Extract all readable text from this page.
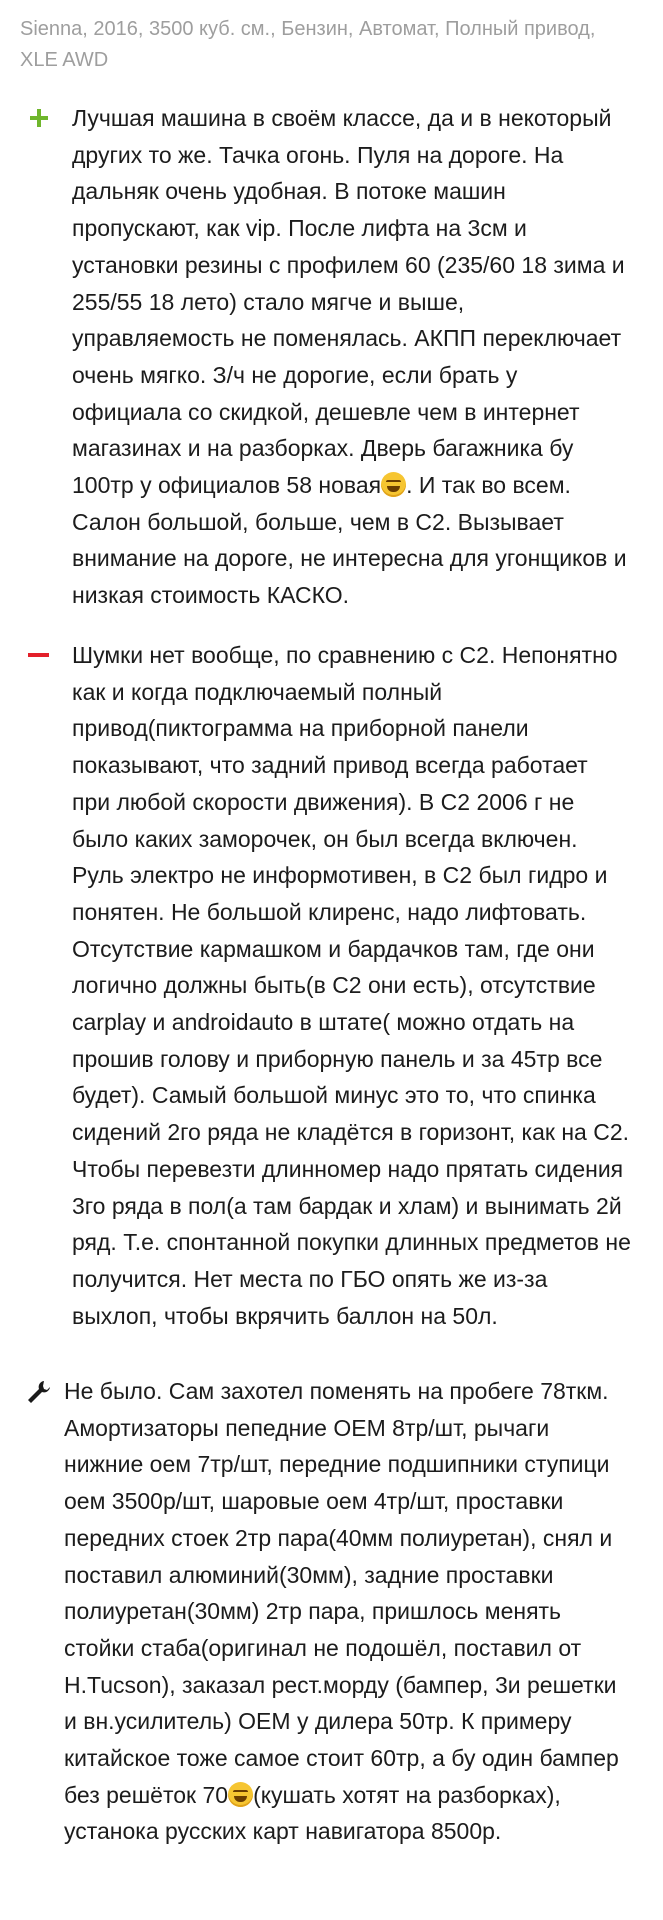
Sienna, 2016, 3500 куб. см., Бензин, Автомат, Полный привод, XLE AWD
Лучшая машина в своём классе, да и в некоторый других то же. Тачка огонь. Пуля на дороге. На дальняк очень удобная. В потоке машин пропускают, как vip. После лифта на 3см и установки резины с профилем 60 (235/60 18 зима и 255/55 18 лето) стало мягче и выше, управляемость не поменялась. АКПП переключает очень мягко. З/ч не дорогие, если брать у официала со скидкой, дешевле чем в интернет магазинах и на разборках. Дверь багажника бу 100тр у официалов 58 новая . И так во всем. Салон большой, больше, чем в С2. Вызывает внимание на дороге, не интересна для угонщиков и низкая стоимость КАСКО.
Шумки нет вообще, по сравнению с С2. Непонятно как и когда подключаемый полный привод(пиктограмма на приборной панели показывают, что задний привод всегда работает при любой скорости движения). В С2 2006 г не было каких заморочек, он был всегда включен. Руль электро не информотивен, в С2 был гидро и понятен. Не большой клиренс, надо лифтовать. Отсутствие кармашком и бардачков там, где они логично должны быть(в С2 они есть), отсутствие carplay и androidauto в штате( можно отдать на прошив голову и приборную панель и за 45тр все будет). Самый большой минус это то, что спинка сидений 2го ряда не кладётся в горизонт, как на С2. Чтобы перевезти длинномер надо прятать сидения 3го ряда в пол(а там бардак и хлам) и вынимать 2й ряд. Т.е. спонтанной покупки длинных предметов не получится. Нет места по ГБО опять же из-за выхлоп, чтобы вкрячить баллон на 50л.
Не было. Сам захотел поменять на пробеге 78ткм. Амортизаторы пепедние ОЕМ 8тр/шт, рычаги нижние оем 7тр/шт, передние подшипники ступици оем 3500р/шт, шаровые оем 4тр/шт, проставки передних стоек 2тр пара(40мм полиуретан), снял и поставил алюминий(30мм), задние проставки полиуретан(30мм) 2тр пара, пришлось менять стойки стаба(оригинал не подошёл, поставил от H.Tucson), заказал рест.морду (бампер, 3и решетки и вн.усилитель) ОЕМ у дилера 50тр. К примеру китайское тоже самое стоит 60тр, а бу один бампер без решёток 70 (кушать хотят на разборках), устанока русских карт навигатора 8500р.
